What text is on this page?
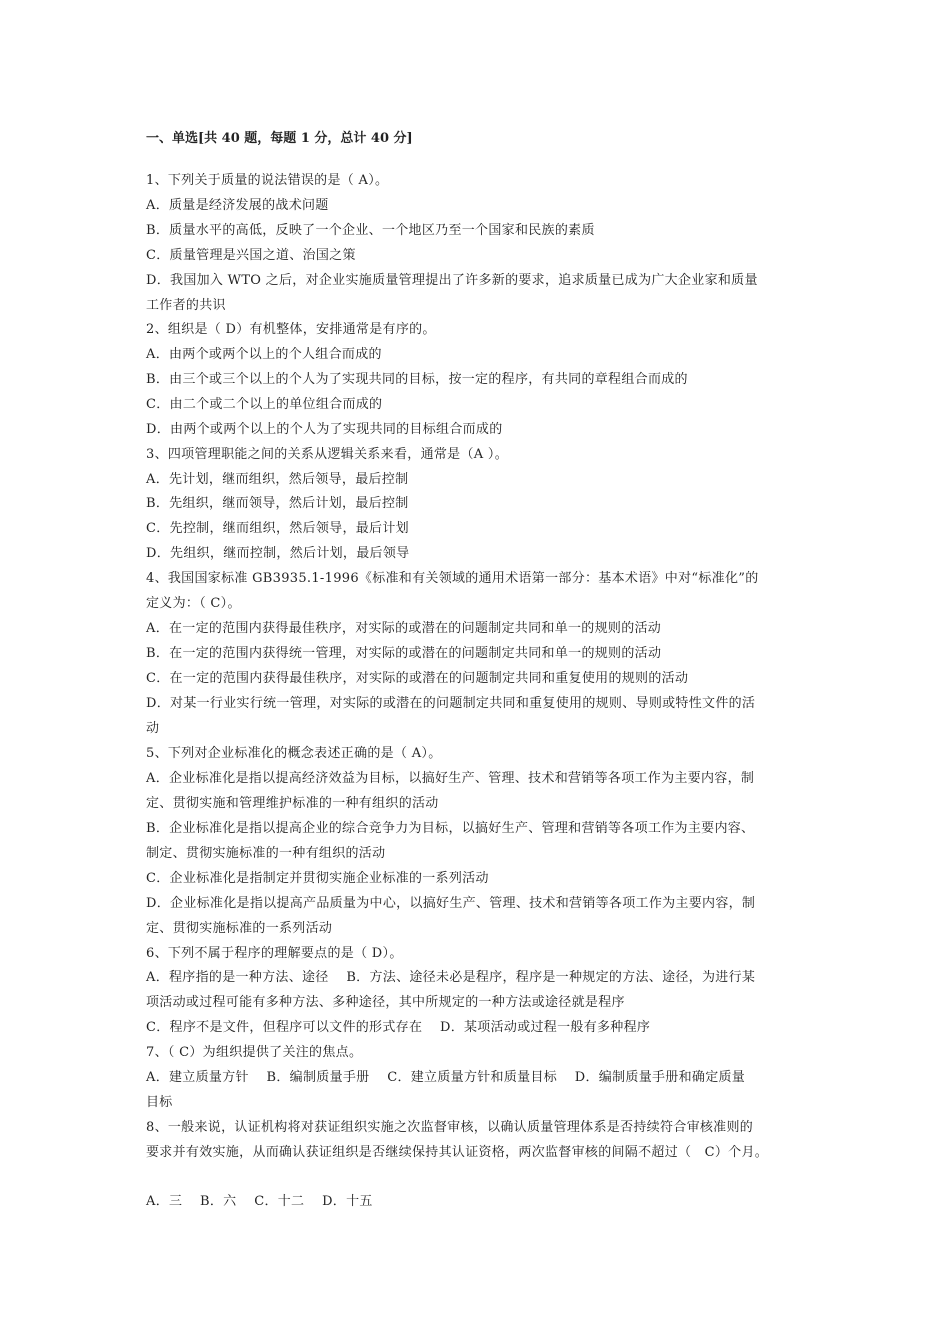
一、单选[共 40 题，每题 1 分，总计 40 分]
1、下列关于质量的说法错误的是（ A）。
A．质量是经济发展的战术问题
B．质量水平的高低，反映了一个企业、一个地区乃至一个国家和民族的素质
C．质量管理是兴国之道、治国之策
D．我国加入 WTO 之后，对企业实施质量管理提出了许多新的要求，追求质量已成为广大企业家和质量
工作者的共识
2、组织是（ D）有机整体，安排通常是有序的。
A．由两个或两个以上的个人组合而成的
B．由三个或三个以上的个人为了实现共同的目标，按一定的程序，有共同的章程组合而成的
C．由二个或二个以上的单位组合而成的
D．由两个或两个以上的个人为了实现共同的目标组合而成的
3、四项管理职能之间的关系从逻辑关系来看，通常是（A ）。
A．先计划，继而组织，然后领导，最后控制
B．先组织，继而领导，然后计划，最后控制
C．先控制，继而组织，然后领导，最后计划
D．先组织，继而控制，然后计划，最后领导
4、我国国家标准 GB3935.1-1996《标准和有关领域的通用术语第一部分：基本术语》中对“标准化”的
定义为：（ C）。
A．在一定的范围内获得最佳秩序，对实际的或潜在的问题制定共同和单一的规则的活动
B．在一定的范围内获得统一管理，对实际的或潜在的问题制定共同和单一的规则的活动
C．在一定的范围内获得最佳秩序，对实际的或潜在的问题制定共同和重复使用的规则的活动
D．对某一行业实行统一管理，对实际的或潜在的问题制定共同和重复使用的规则、导则或特性文件的活
动
5、下列对企业标准化的概念表述正确的是（ A）。
A．企业标准化是指以提高经济效益为目标，以搞好生产、管理、技术和营销等各项工作为主要内容，制
定、贯彻实施和管理维护标准的一种有组织的活动
B．企业标准化是指以提高企业的综合竞争力为目标，以搞好生产、管理和营销等各项工作为主要内容、
制定、贯彻实施标准的一种有组织的活动
C．企业标准化是指制定并贯彻实施企业标准的一系列活动
D．企业标准化是指以提高产品质量为中心，以搞好生产、管理、技术和营销等各项工作为主要内容，制
定、贯彻实施标准的一系列活动
6、下列不属于程序的理解要点的是（ D）。
A．程序指的是一种方法、途径　 B．方法、途径未必是程序，程序是一种规定的方法、途径，为进行某
项活动或过程可能有多种方法、多种途径，其中所规定的一种方法或途径就是程序
C．程序不是文件，但程序可以文件的形式存在　 D．某项活动或过程一般有多种程序
7、（ C）为组织提供了关注的焦点。
A．建立质量方针　 B．编制质量手册　 C．建立质量方针和质量目标　 D．编制质量手册和确定质量
目标
8、一般来说，认证机构将对获证组织实施之次监督审核，以确认质量管理体系是否持续符合审核准则的
要求并有效实施，从而确认获证组织是否继续保持其认证资格，两次监督审核的间隔不超过（　C）个月。
A．三　 B．六　 C．十二　 D．十五
